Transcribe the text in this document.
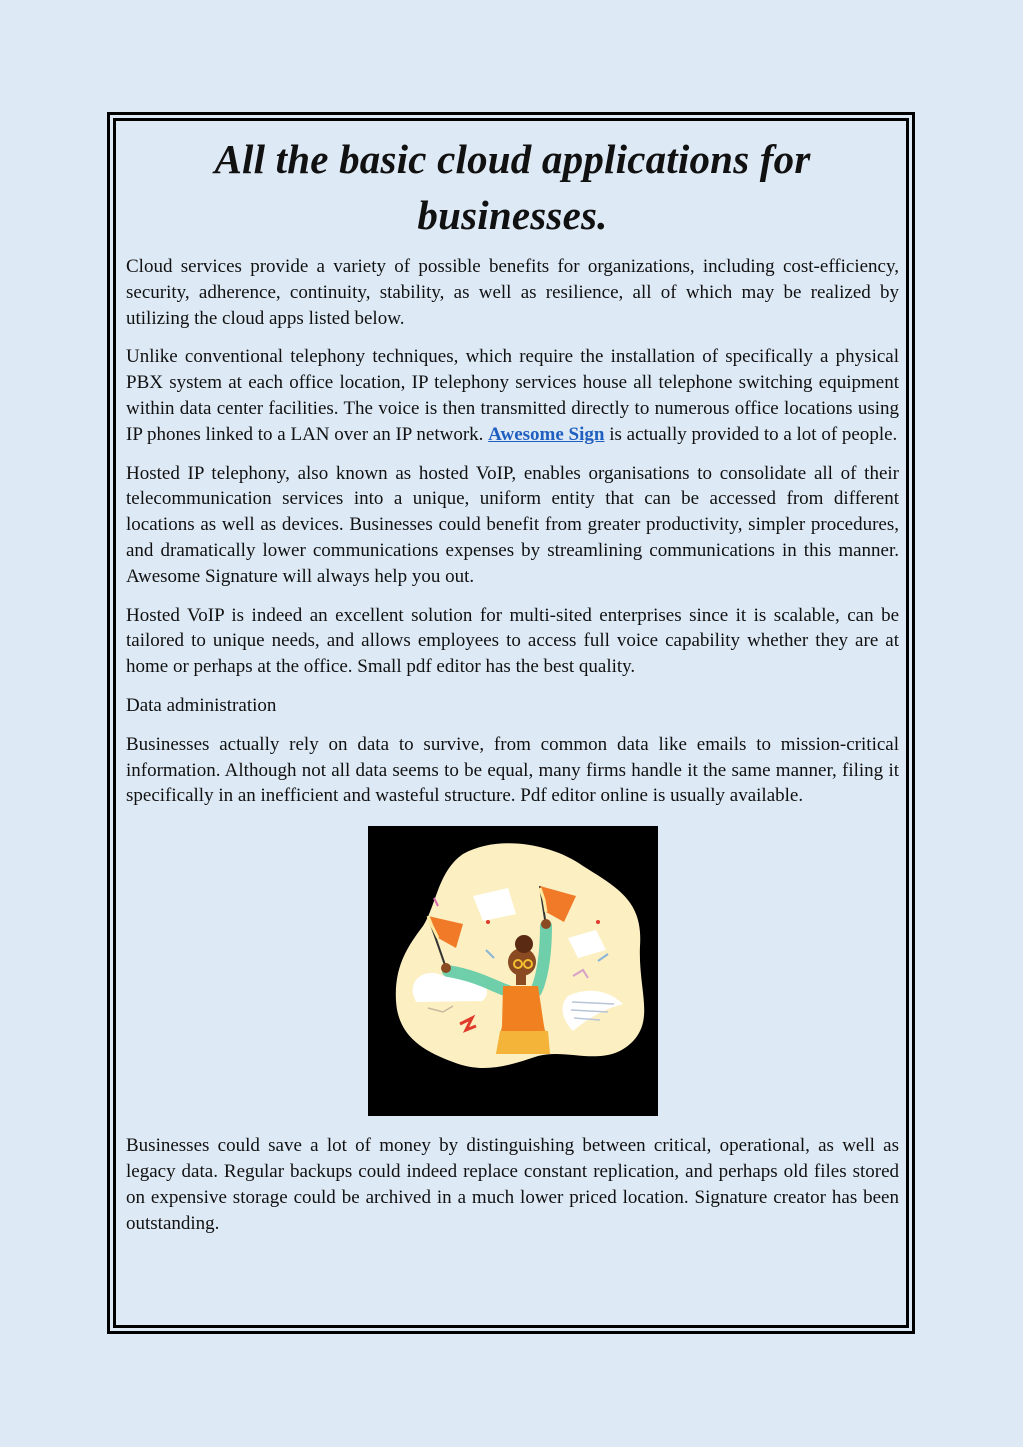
All the basic cloud applications for businesses.

Cloud services provide a variety of possible benefits for organizations, including cost-efficiency, security, adherence, continuity, stability, as well as resilience, all of which may be realized by utilizing the cloud apps listed below.

Unlike conventional telephony techniques, which require the installation of specifically a physical PBX system at each office location, IP telephony services house all telephone switching equipment within data center facilities. The voice is then transmitted directly to numerous office locations using IP phones linked to a LAN over an IP network. Awesome Sign is actually provided to a lot of people.

Hosted IP telephony, also known as hosted VoIP, enables organisations to consolidate all of their telecommunication services into a unique, uniform entity that can be accessed from different locations as well as devices. Businesses could benefit from greater productivity, simpler procedures, and dramatically lower communications expenses by streamlining communications in this manner. Awesome Signature will always help you out.

Hosted VoIP is indeed an excellent solution for multi-sited enterprises since it is scalable, can be tailored to unique needs, and allows employees to access full voice capability whether they are at home or perhaps at the office. Small pdf editor has the best quality.

Data administration

Businesses actually rely on data to survive, from common data like emails to mission-critical information. Although not all data seems to be equal, many firms handle it the same manner, filing it specifically in an inefficient and wasteful structure. Pdf editor online is usually available.

Businesses could save a lot of money by distinguishing between critical, operational, as well as legacy data. Regular backups could indeed replace constant replication, and perhaps old files stored on expensive storage could be archived in a much lower priced location. Signature creator has been outstanding.
